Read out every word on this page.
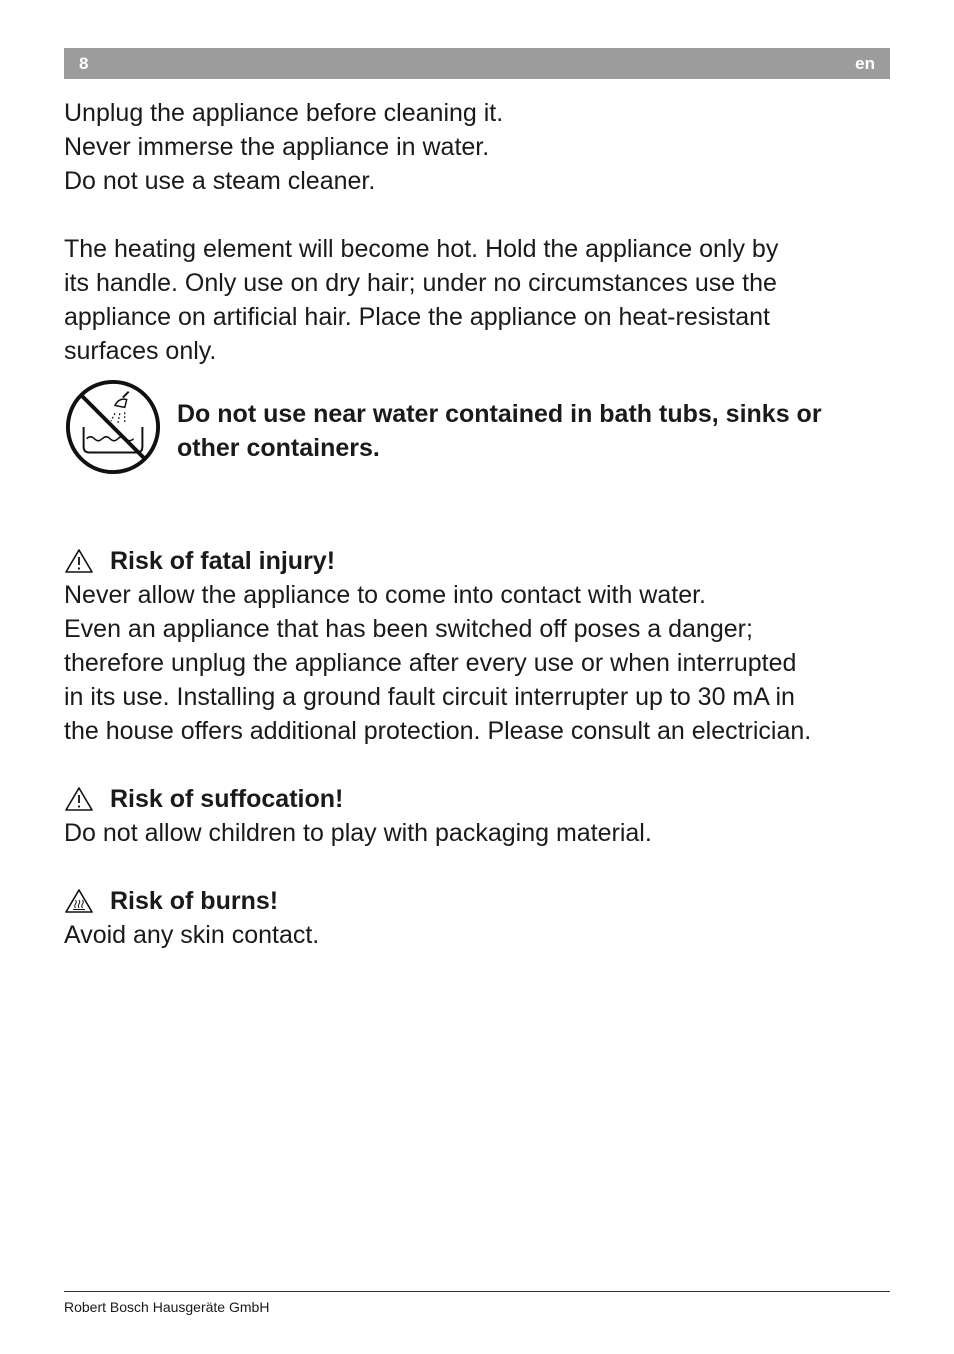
8	en

Unplug the appliance before cleaning it.
Never immerse the appliance in water.
Do not use a steam cleaner.

The heating element will become hot. Hold the appliance only by
its handle. Only use on dry hair; under no circumstances use the
appliance on artificial hair. Place the appliance on heat-resistant
surfaces only.

Do not use near water contained in bath tubs, sinks or
other containers.

Risk of fatal injury!

Never allow the appliance to come into contact with water.
Even an appliance that has been switched off poses a danger;
therefore unplug the appliance after every use or when interrupted
in its use. Installing a ground fault circuit interrupter up to 30 mA in
the house offers additional protection. Please consult an electrician.

Risk of suffocation!

Do not allow children to play with packaging material.

Risk of burns!

Avoid any skin contact.

Robert Bosch Hausgeräte GmbH
